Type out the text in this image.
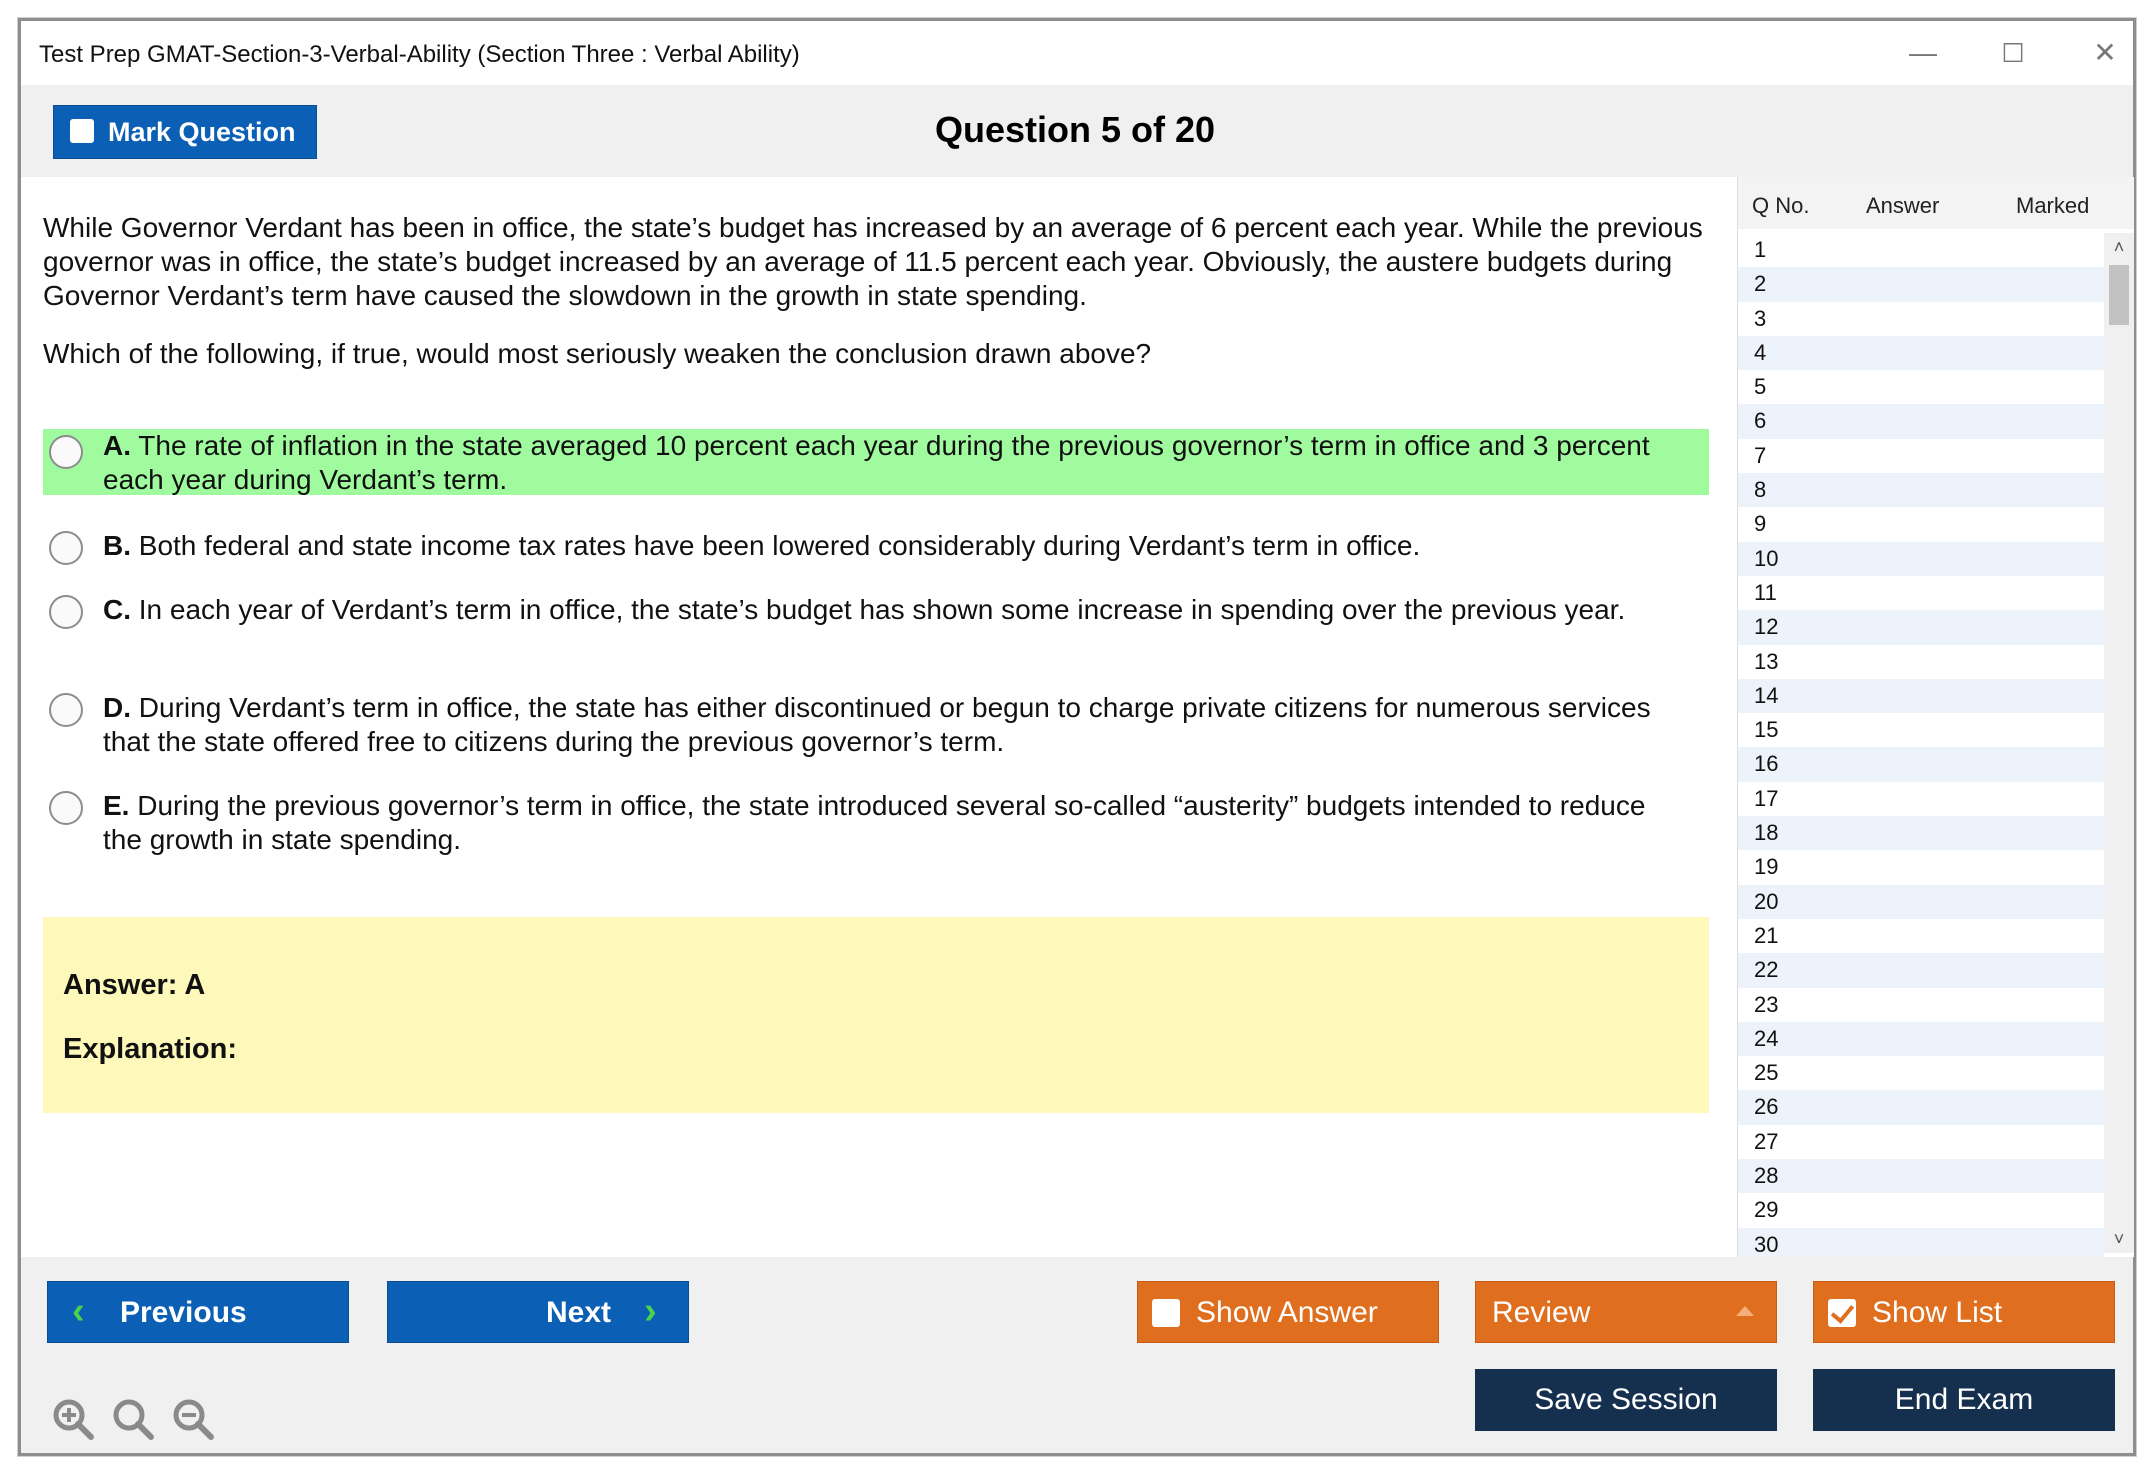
Test Prep GMAT-Section-3-Verbal-Ability (Section Three : Verbal Ability)	—	☐	✕
Question 5 of 20
Mark Question
While Governor Verdant has been in office, the state’s budget has increased by an average of 6 percent each year. While the previous governor was in office, the state’s budget increased by an average of 11.5 percent each year. Obviously, the austere budgets during Governor Verdant’s term have caused the slowdown in the growth in state spending.
Which of the following, if true, would most seriously weaken the conclusion drawn above?
A. The rate of inflation in the state averaged 10 percent each year during the previous governor’s term in office and 3 percent each year during Verdant’s term.
B. Both federal and state income tax rates have been lowered considerably during Verdant’s term in office.
C. In each year of Verdant’s term in office, the state’s budget has shown some increase in spending over the previous year.
D. During Verdant’s term in office, the state has either discontinued or begun to charge private citizens for numerous services that the state offered free to citizens during the previous governor’s term.
E. During the previous governor’s term in office, the state introduced several so-called “austerity” budgets intended to reduce the growth in state spending.
Answer: A
Explanation:
Q No.	Answer	Marked
1
2
3
4
5
6
7
8
9
10
11
12
13
14
15
16
17
18
19
20
21
22
23
24
25
26
27
28
29
30
˄
˅
‹ Previous	Next ›	Show Answer	Review	Show List
Save Session	End Exam
